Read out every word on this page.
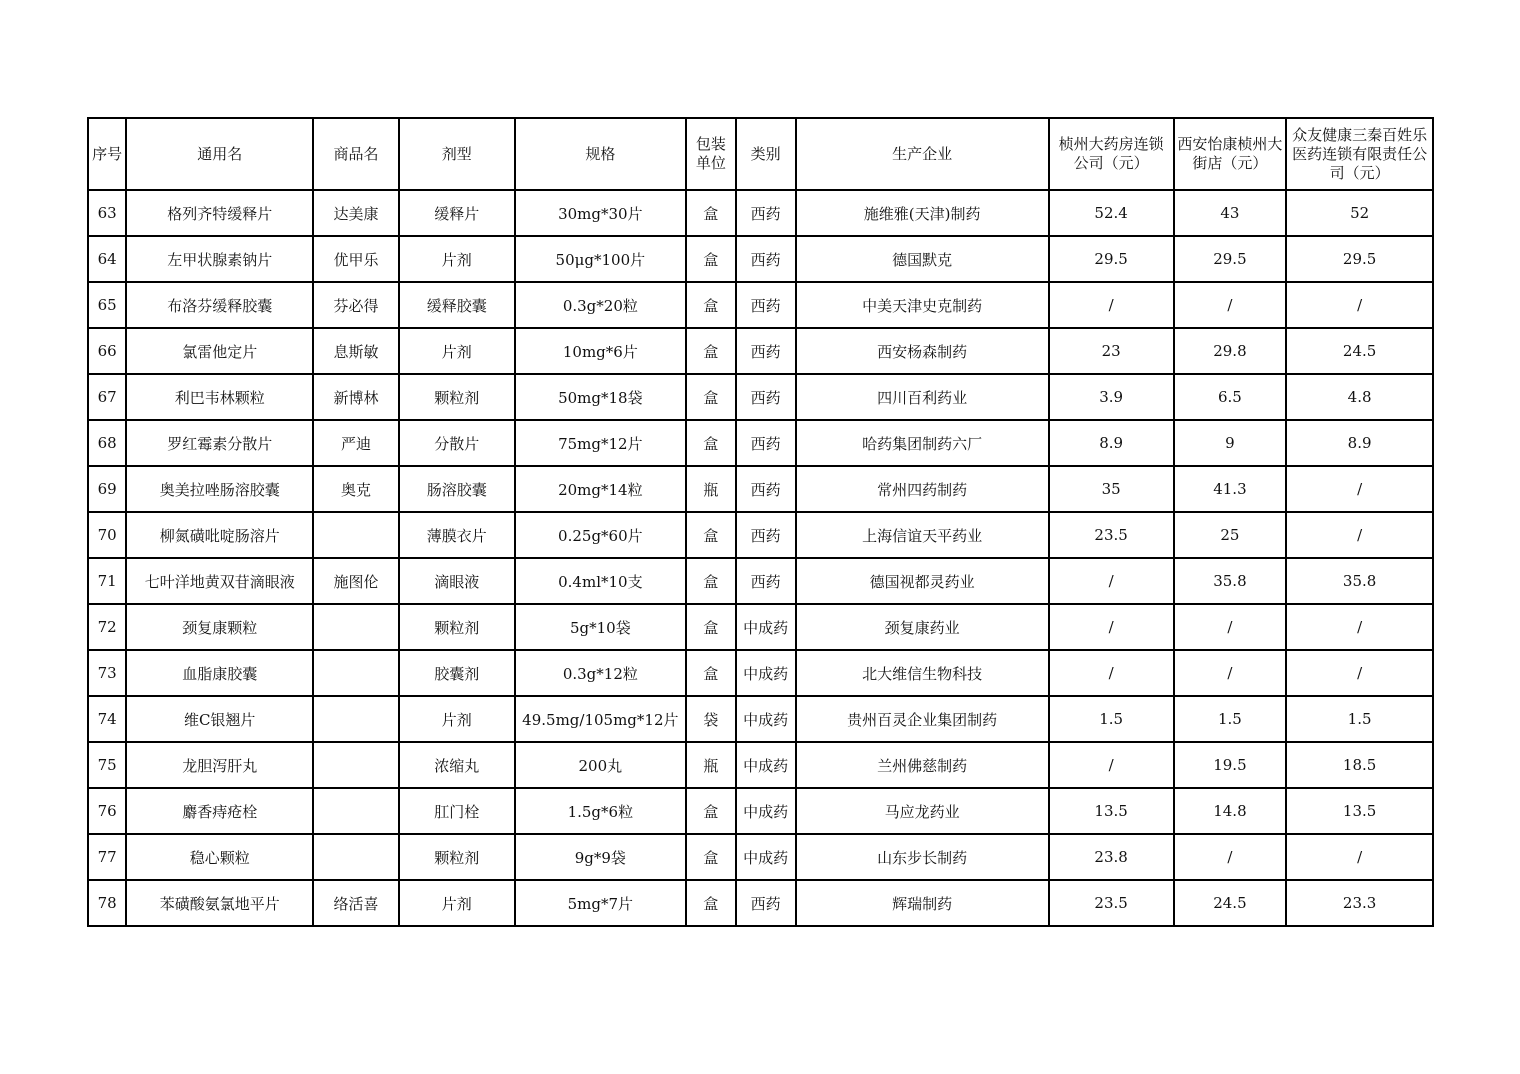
序号	通用名	商品名	剂型	规格	包装单位	类别	生产企业	桢州大药房连锁公司（元）	西安怡康桢州大街店（元）	众友健康三秦百姓乐医药连锁有限责任公司（元）
63	格列齐特缓释片	达美康	缓释片	30mg*30片	盒	西药	施维雅(天津)制药	52.4	43	52
64	左甲状腺素钠片	优甲乐	片剂	50μg*100片	盒	西药	德国默克	29.5	29.5	29.5
65	布洛芬缓释胶囊	芬必得	缓释胶囊	0.3g*20粒	盒	西药	中美天津史克制药	/	/	/
66	氯雷他定片	息斯敏	片剂	10mg*6片	盒	西药	西安杨森制药	23	29.8	24.5
67	利巴韦林颗粒	新博林	颗粒剂	50mg*18袋	盒	西药	四川百利药业	3.9	6.5	4.8
68	罗红霉素分散片	严迪	分散片	75mg*12片	盒	西药	哈药集团制药六厂	8.9	9	8.9
69	奥美拉唑肠溶胶囊	奥克	肠溶胶囊	20mg*14粒	瓶	西药	常州四药制药	35	41.3	/
70	柳氮磺吡啶肠溶片		薄膜衣片	0.25g*60片	盒	西药	上海信谊天平药业	23.5	25	/
71	七叶洋地黄双苷滴眼液	施图伦	滴眼液	0.4ml*10支	盒	西药	德国视都灵药业	/	35.8	35.8
72	颈复康颗粒		颗粒剂	5g*10袋	盒	中成药	颈复康药业	/	/	/
73	血脂康胶囊		胶囊剂	0.3g*12粒	盒	中成药	北大维信生物科技	/	/	/
74	维C银翘片		片剂	49.5mg/105mg*12片	袋	中成药	贵州百灵企业集团制药	1.5	1.5	1.5
75	龙胆泻肝丸		浓缩丸	200丸	瓶	中成药	兰州佛慈制药	/	19.5	18.5
76	麝香痔疮栓		肛门栓	1.5g*6粒	盒	中成药	马应龙药业	13.5	14.8	13.5
77	稳心颗粒		颗粒剂	9g*9袋	盒	中成药	山东步长制药	23.8	/	/
78	苯磺酸氨氯地平片	络活喜	片剂	5mg*7片	盒	西药	辉瑞制药	23.5	24.5	23.3
